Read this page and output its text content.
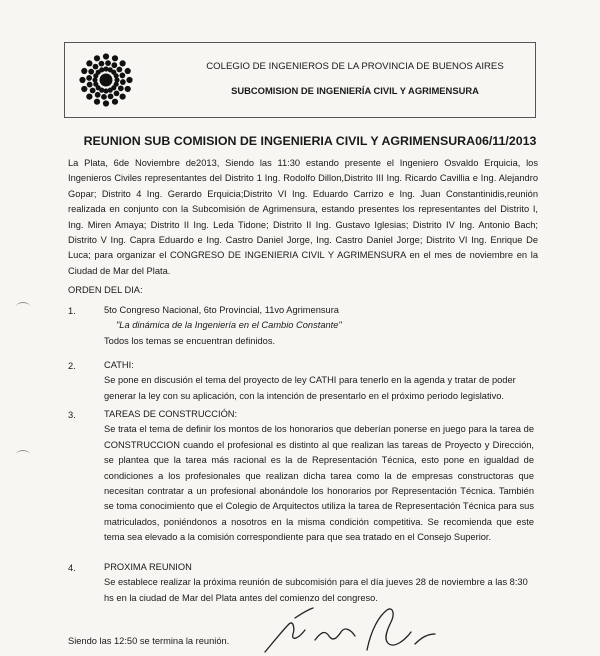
COLEGIO DE INGENIEROS DE LA PROVINCIA DE BUENOS AIRES
SUBCOMISION DE INGENIERÍA CIVIL Y AGRIMENSURA
REUNION SUB COMISION DE INGENIERIA CIVIL Y AGRIMENSURA06/11/2013
La Plata, 6de Noviembre de2013, Siendo las 11:30 estando presente el Ingeniero Osvaldo Erquicia, los Ingenieros Civiles representantes del Distrito 1 Ing. Rodolfo Dillon,Distrito III Ing. Ricardo Cavillia e Ing. Alejandro Gopar; Distrito 4 Ing. Gerardo Erquicia;Distrito VI Ing. Eduardo Carrizo e Ing. Juan Constantinidis,reunión realizada en conjunto con la Subcomisión de Agrimensura, estando presentes los representantes del Distrito I, Ing. Miren Amaya; Distrito II Ing. Leda Tidone; Distrito II Ing. Gustavo Iglesias; Distrito IV Ing. Antonio Bach; Distrito V Ing. Capra Eduardo e Ing. Castro Daniel Jorge, Ing. Castro Daniel Jorge; Distrito VI Ing. Enrique De Luca; para organizar el CONGRESO DE INGENIERIA CIVIL Y AGRIMENSURA en el mes de noviembre en la Ciudad de Mar del Plata.
ORDEN DEL DIA:
1.	5to Congreso Nacional, 6to Provincial, 11vo Agrimensura
"La dinámica de la Ingeniería en el Cambio Constante"
Todos los temas se encuentran definidos.
2.	CATHI:
Se pone en discusión el tema del proyecto de ley CATHI para tenerlo en la agenda y tratar de poder generar la ley con su aplicación, con la intención de presentarlo en el próximo periodo legislativo.
3.	TAREAS DE CONSTRUCCIÓN:
Se trata el tema de definir los montos de los honorarios que deberían ponerse en juego para la tarea de CONSTRUCCION cuando el profesional es distinto al que realizan las tareas de Proyecto y Dirección, se plantea que la tarea más racional es la de Representación Técnica, esto pone en igualdad de condiciones a los profesionales que realizan dicha tarea como la de empresas constructoras que necesitan contratar a un profesional abonándole los honorarios por Representación Técnica. También se toma conocimiento que el Colegio de Arquitectos utiliza la tarea de Representación Técnica para sus matriculados, poniéndonos a nosotros en la misma condición competitiva. Se recomienda que este tema sea elevado a la comisión correspondiente para que sea tratado en el Consejo Superior.
4.	PROXIMA REUNION
Se establece realizar la próxima reunión de subcomisión para el día jueves 28 de noviembre a las 8:30 hs en la ciudad de Mar del Plata antes del comienzo del congreso.
Siendo las 12:50 se termina la reunión.
